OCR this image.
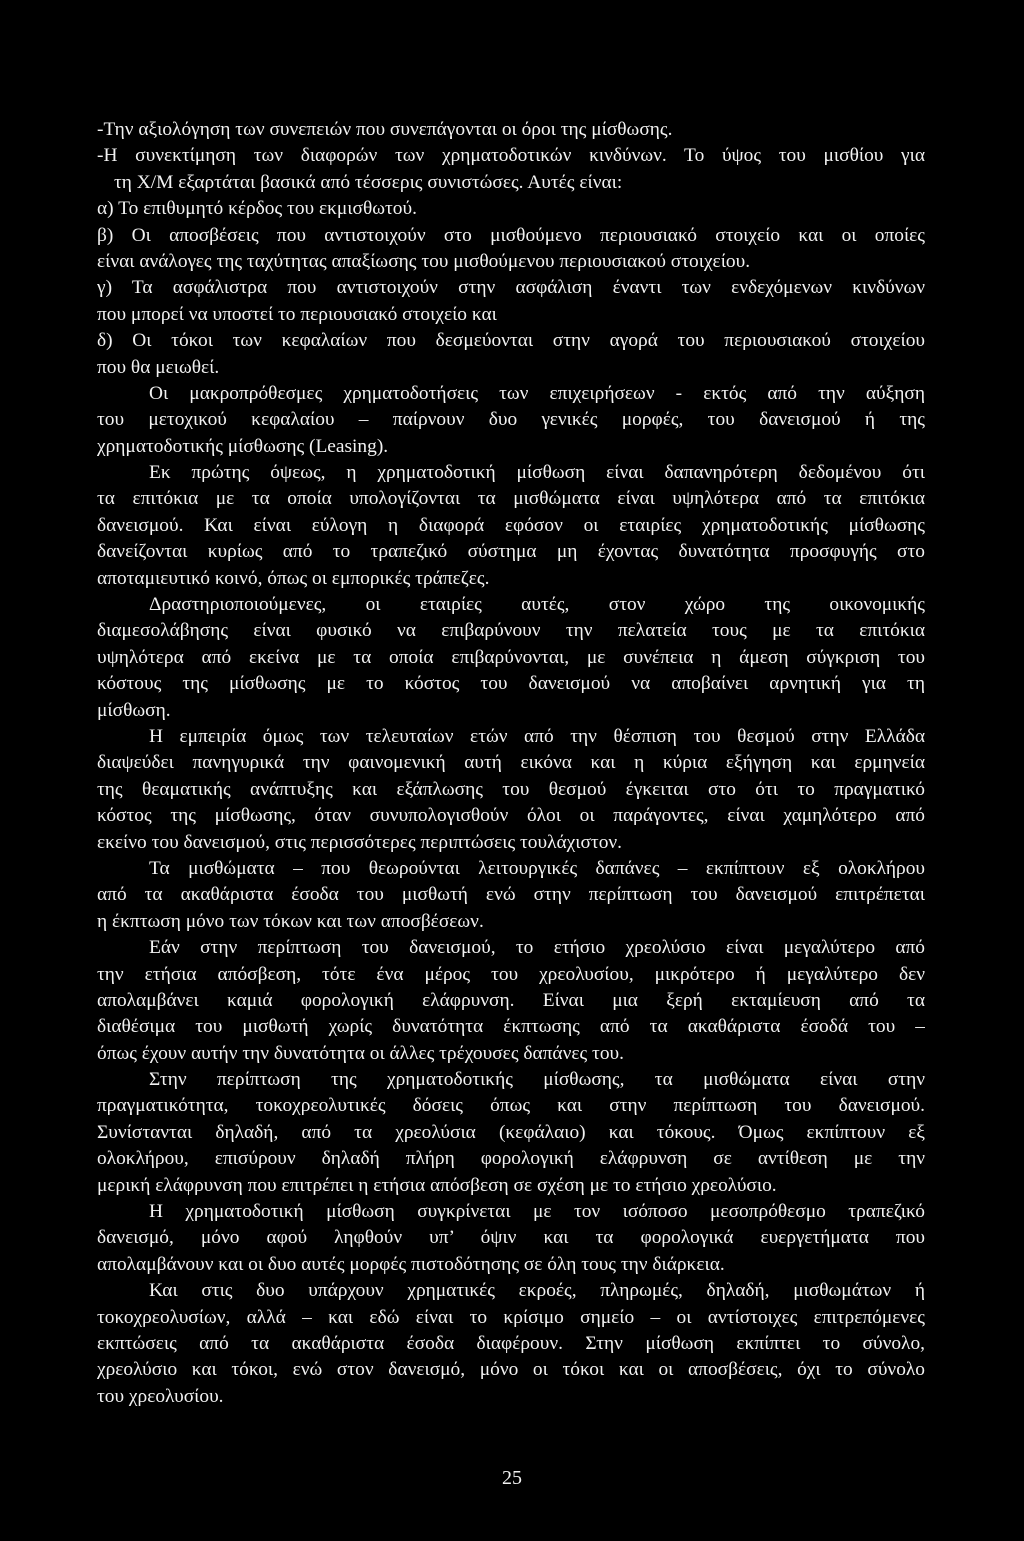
-Την αξιολόγηση των συνεπειών που συνεπάγονται οι όροι της μίσθωσης.
-Η συνεκτίμηση των διαφορών των χρηματοδοτικών κινδύνων. Το ύψος του μισθίου για
τη Χ/Μ εξαρτάται βασικά από τέσσερις συνιστώσες. Αυτές είναι:
α) Το επιθυμητό κέρδος του εκμισθωτού.
β) Οι αποσβέσεις που αντιστοιχούν στο μισθούμενο περιουσιακό στοιχείο και οι οποίες
είναι ανάλογες της ταχύτητας απαξίωσης του μισθούμενου περιουσιακού στοιχείου.
γ) Τα ασφάλιστρα που αντιστοιχούν στην ασφάλιση έναντι των ενδεχόμενων κινδύνων
που μπορεί να υποστεί το περιουσιακό στοιχείο και
δ) Οι τόκοι των κεφαλαίων που δεσμεύονται στην αγορά του περιουσιακού στοιχείου
που θα μειωθεί.
Οι μακροπρόθεσμες χρηματοδοτήσεις των επιχειρήσεων - εκτός από την αύξηση
του μετοχικού κεφαλαίου – παίρνουν δυο γενικές μορφές, του δανεισμού ή της
χρηματοδοτικής μίσθωσης (Leasing).
Εκ πρώτης όψεως, η χρηματοδοτική μίσθωση είναι δαπανηρότερη δεδομένου ότι
τα επιτόκια με τα οποία υπολογίζονται τα μισθώματα είναι υψηλότερα από τα επιτόκια
δανεισμού. Και είναι εύλογη η διαφορά εφόσον οι εταιρίες χρηματοδοτικής μίσθωσης
δανείζονται κυρίως από το τραπεζικό σύστημα μη έχοντας δυνατότητα προσφυγής στο
αποταμιευτικό κοινό, όπως οι εμπορικές τράπεζες.
Δραστηριοποιούμενες, οι εταιρίες αυτές, στον χώρο της οικονομικής
διαμεσολάβησης είναι φυσικό να επιβαρύνουν την πελατεία τους με τα επιτόκια
υψηλότερα από εκείνα με τα οποία επιβαρύνονται, με συνέπεια η άμεση σύγκριση του
κόστους της μίσθωσης με το κόστος του δανεισμού να αποβαίνει αρνητική για τη
μίσθωση.
Η εμπειρία όμως των τελευταίων ετών από την θέσπιση του θεσμού στην Ελλάδα
διαψεύδει πανηγυρικά την φαινομενική αυτή εικόνα και η κύρια εξήγηση και ερμηνεία
της θεαματικής ανάπτυξης και εξάπλωσης του θεσμού έγκειται στο ότι το πραγματικό
κόστος της μίσθωσης, όταν συνυπολογισθούν όλοι οι παράγοντες, είναι χαμηλότερο από
εκείνο του δανεισμού, στις περισσότερες περιπτώσεις τουλάχιστον.
Τα μισθώματα – που θεωρούνται λειτουργικές δαπάνες – εκπίπτουν εξ ολοκλήρου
από τα ακαθάριστα έσοδα του μισθωτή ενώ στην περίπτωση του δανεισμού επιτρέπεται
η έκπτωση μόνο των τόκων και των αποσβέσεων.
Εάν στην περίπτωση του δανεισμού, το ετήσιο χρεολύσιο είναι μεγαλύτερο από
την ετήσια απόσβεση, τότε ένα μέρος του χρεολυσίου, μικρότερο ή μεγαλύτερο δεν
απολαμβάνει καμιά φορολογική ελάφρυνση. Είναι μια ξερή εκταμίευση από τα
διαθέσιμα του μισθωτή χωρίς δυνατότητα έκπτωσης από τα ακαθάριστα έσοδά του –
όπως έχουν αυτήν την δυνατότητα οι άλλες τρέχουσες δαπάνες του.
Στην περίπτωση της χρηματοδοτικής μίσθωσης, τα μισθώματα είναι στην
πραγματικότητα, τοκοχρεολυτικές δόσεις όπως και στην περίπτωση του δανεισμού.
Συνίστανται δηλαδή, από τα χρεολύσια (κεφάλαιο) και τόκους. Όμως εκπίπτουν εξ
ολοκλήρου, επισύρουν δηλαδή πλήρη φορολογική ελάφρυνση σε αντίθεση με την
μερική ελάφρυνση που επιτρέπει η ετήσια απόσβεση σε σχέση με το ετήσιο χρεολύσιο.
Η χρηματοδοτική μίσθωση συγκρίνεται με τον ισόποσο μεσοπρόθεσμο τραπεζικό
δανεισμό, μόνο αφού ληφθούν υπ’ όψιν και τα φορολογικά ευεργετήματα που
απολαμβάνουν και οι δυο αυτές μορφές πιστοδότησης σε όλη τους την διάρκεια.
Και στις δυο υπάρχουν χρηματικές εκροές, πληρωμές, δηλαδή, μισθωμάτων ή
τοκοχρεολυσίων, αλλά – και εδώ είναι το κρίσιμο σημείο – οι αντίστοιχες επιτρεπόμενες
εκπτώσεις από τα ακαθάριστα έσοδα διαφέρουν. Στην μίσθωση εκπίπτει το σύνολο,
χρεολύσιο και τόκοι, ενώ στον δανεισμό, μόνο οι τόκοι και οι αποσβέσεις, όχι το σύνολο
του χρεολυσίου.
25
